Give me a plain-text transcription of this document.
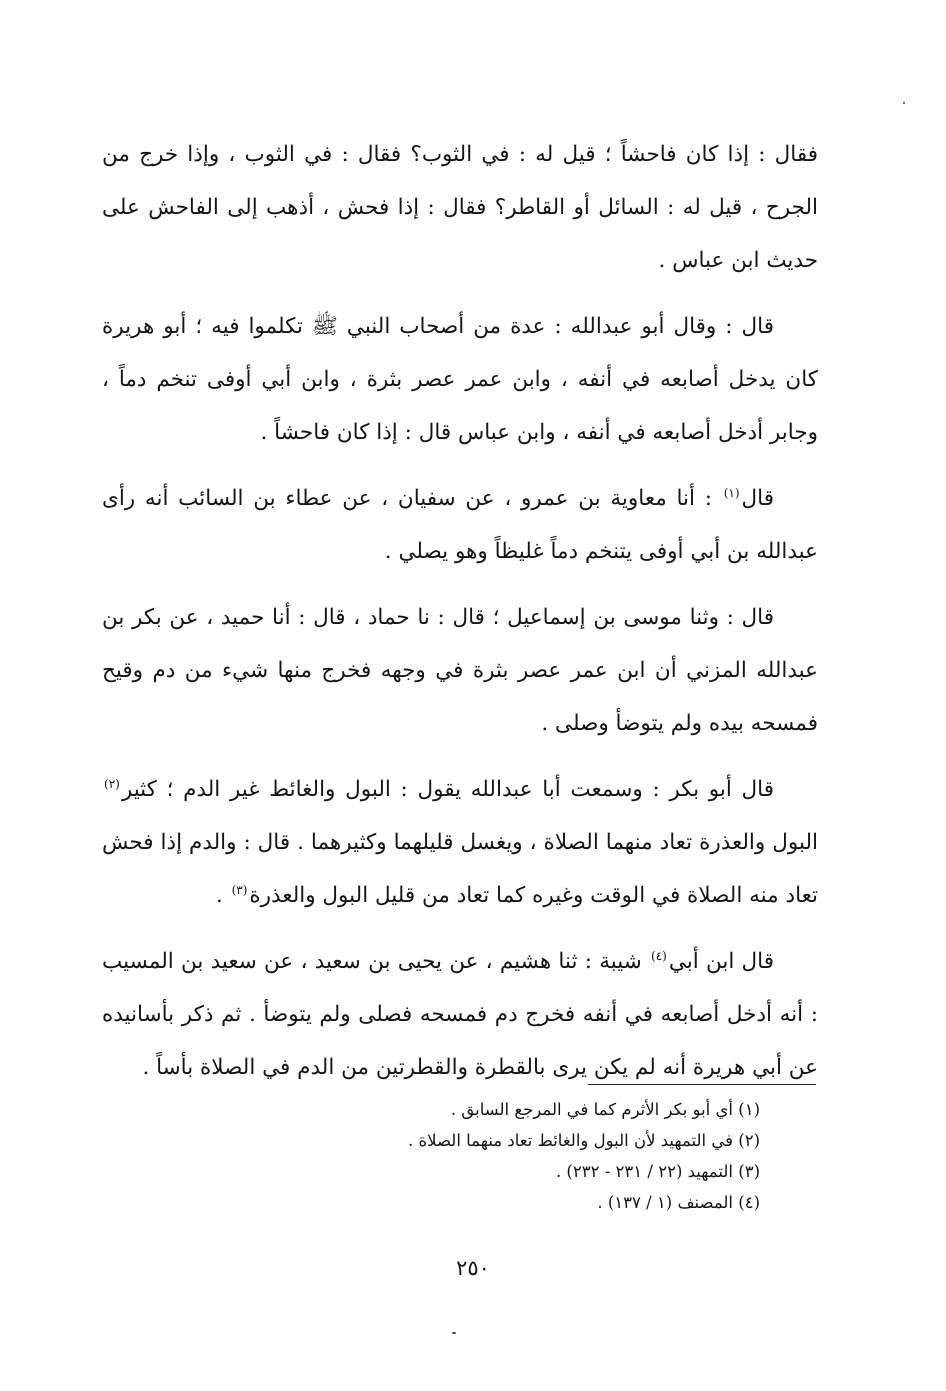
فقال : إذا كان فاحشاً ؛ قيل له : في الثوب؟ فقال : في الثوب ، وإذا خرج من الجرح ، قيل له : السائل أو القاطر؟ فقال : إذا فحش ، أذهب إلى الفاحش على حديث ابن عباس .

قال : وقال أبو عبدالله : عدة من أصحاب النبي ﷺ تكلموا فيه ؛ أبو هريرة كان يدخل أصابعه في أنفه ، وابن عمر عصر بثرة ، وابن أبي أوفى تنخم دماً ، وجابر أدخل أصابعه في أنفه ، وابن عباس قال : إذا كان فاحشاً .

قال$^{(١)}$ : أنا معاوية بن عمرو ، عن سفيان ، عن عطاء بن السائب أنه رأى عبدالله بن أبي أوفى يتنخم دماً غليظاً وهو يصلي .

قال : وثنا موسى بن إسماعيل ؛ قال : نا حماد ، قال : أنا حميد ، عن بكر بن عبدالله المزني أن ابن عمر عصر بثرة في وجهه فخرج منها شيء من دم وقيح فمسحه بيده ولم يتوضأ وصلى .

قال أبو بكر : وسمعت أبا عبدالله يقول : البول والغائط غير الدم ؛ كثير$^{(٢)}$ البول والعذرة تعاد منهما الصلاة ، ويغسل قليلهما وكثيرهما . قال : والدم إذا فحش تعاد منه الصلاة في الوقت وغيره كما تعاد من قليل البول والعذرة$^{(٣)}$ .

قال ابن أبي$^{(٤)}$ شيبة : ثنا هشيم ، عن يحيى بن سعيد ، عن سعيد بن المسيب : أنه أدخل أصابعه في أنفه فخرج دم فمسحه فصلى ولم يتوضأ . ثم ذكر بأسانيده عن أبي هريرة أنه لم يكن يرى بالقطرة والقطرتين من الدم في الصلاة بأساً .

(١) أي أبو بكر الأثرم كما في المرجع السابق .

(٢) في التمهيد لأن البول والغائط تعاد منهما الصلاة .

(٣) التمهيد (٢٢ / ٢٣١ - ٢٣٢) .

(٤) المصنف (١ / ١٣٧) .

٢٥٠
